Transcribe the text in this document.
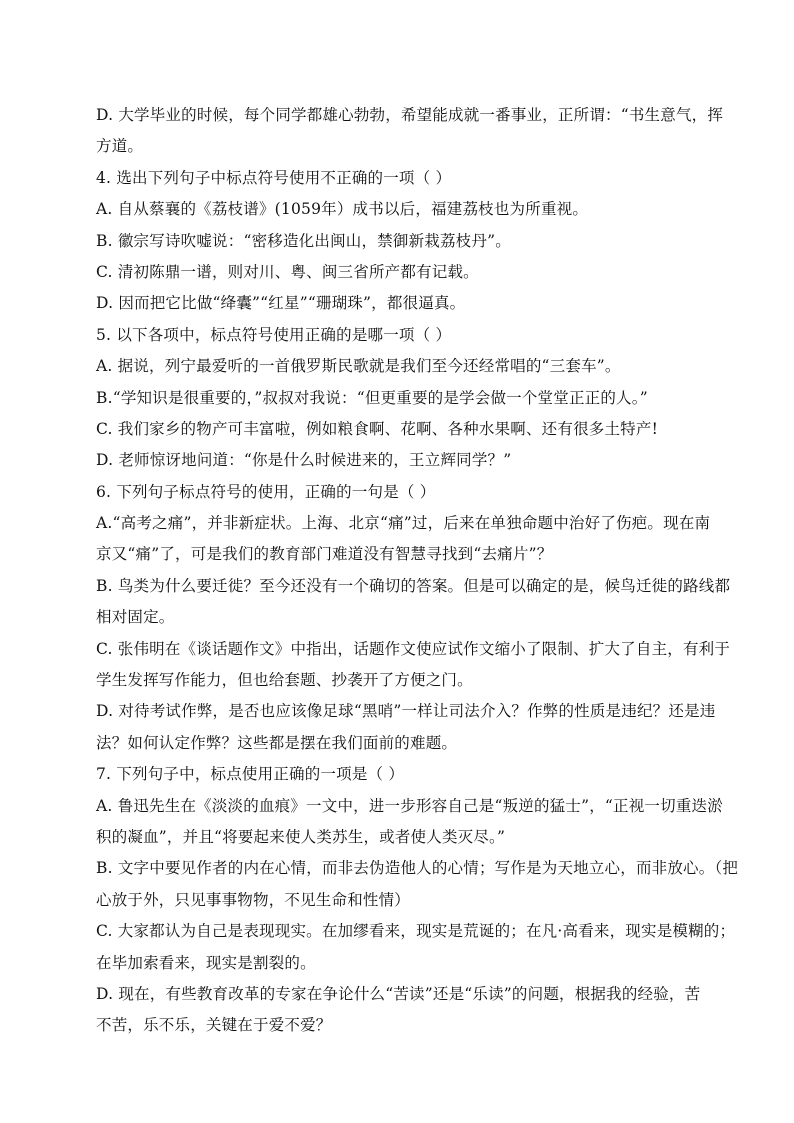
D. 大学毕业的时候，每个同学都雄心勃勃，希望能成就一番事业，正所谓：“书生意气，挥
方道。
4. 选出下列句子中标点符号使用不正确的一项（ ）
A. 自从蔡襄的《荔枝谱》(1059年）成书以后，福建荔枝也为所重视。
B. 徽宗写诗吹嘘说：“密移造化出闽山，禁御新栽荔枝丹”。
C. 清初陈鼎一谱，则对川、粤、闽三省所产都有记载。
D. 因而把它比做“绛囊”“红星”“珊瑚珠”，都很逼真。
5. 以下各项中，标点符号使用正确的是哪一项（ ）
A. 据说，列宁最爱听的一首俄罗斯民歌就是我们至今还经常唱的“三套车”。
B.“学知识是很重要的，”叔叔对我说：“但更重要的是学会做一个堂堂正正的人。”
C. 我们家乡的物产可丰富啦，例如粮食啊、花啊、各种水果啊、还有很多土特产!
D. 老师惊讶地问道：“你是什么时候进来的，王立辉同学？”
6. 下列句子标点符号的使用，正确的一句是（ ）
A.“高考之痛”，并非新症状。上海、北京“痛”过，后来在单独命题中治好了伤疤。现在南
京又“痛”了，可是我们的教育部门难道没有智慧寻找到“去痛片”？
B. 鸟类为什么要迁徙？至今还没有一个确切的答案。但是可以确定的是，候鸟迁徙的路线都
相对固定。
C. 张伟明在《谈话题作文》中指出，话题作文使应试作文缩小了限制、扩大了自主，有利于
学生发挥写作能力，但也给套题、抄袭开了方便之门。
D. 对待考试作弊，是否也应该像足球“黑哨”一样让司法介入？作弊的性质是违纪？还是违
法？如何认定作弊？这些都是摆在我们面前的难题。
7. 下列句子中，标点使用正确的一项是（ ）
A. 鲁迅先生在《淡淡的血痕》一文中，进一步形容自己是“叛逆的猛士”，“正视一切重迭淤
积的凝血”，并且“将要起来使人类苏生，或者使人类灭尽。”
B. 文字中要见作者的内在心情，而非去伪造他人的心情；写作是为天地立心，而非放心。（把
心放于外，只见事事物物，不见生命和性情）
C. 大家都认为自己是表现现实。在加缪看来，现实是荒诞的；在凡·高看来，现实是模糊的；
在毕加索看来，现实是割裂的。
D. 现在，有些教育改革的专家在争论什么“苦读”还是“乐读”的问题，根据我的经验，苦
不苦，乐不乐，关键在于爱不爱？
